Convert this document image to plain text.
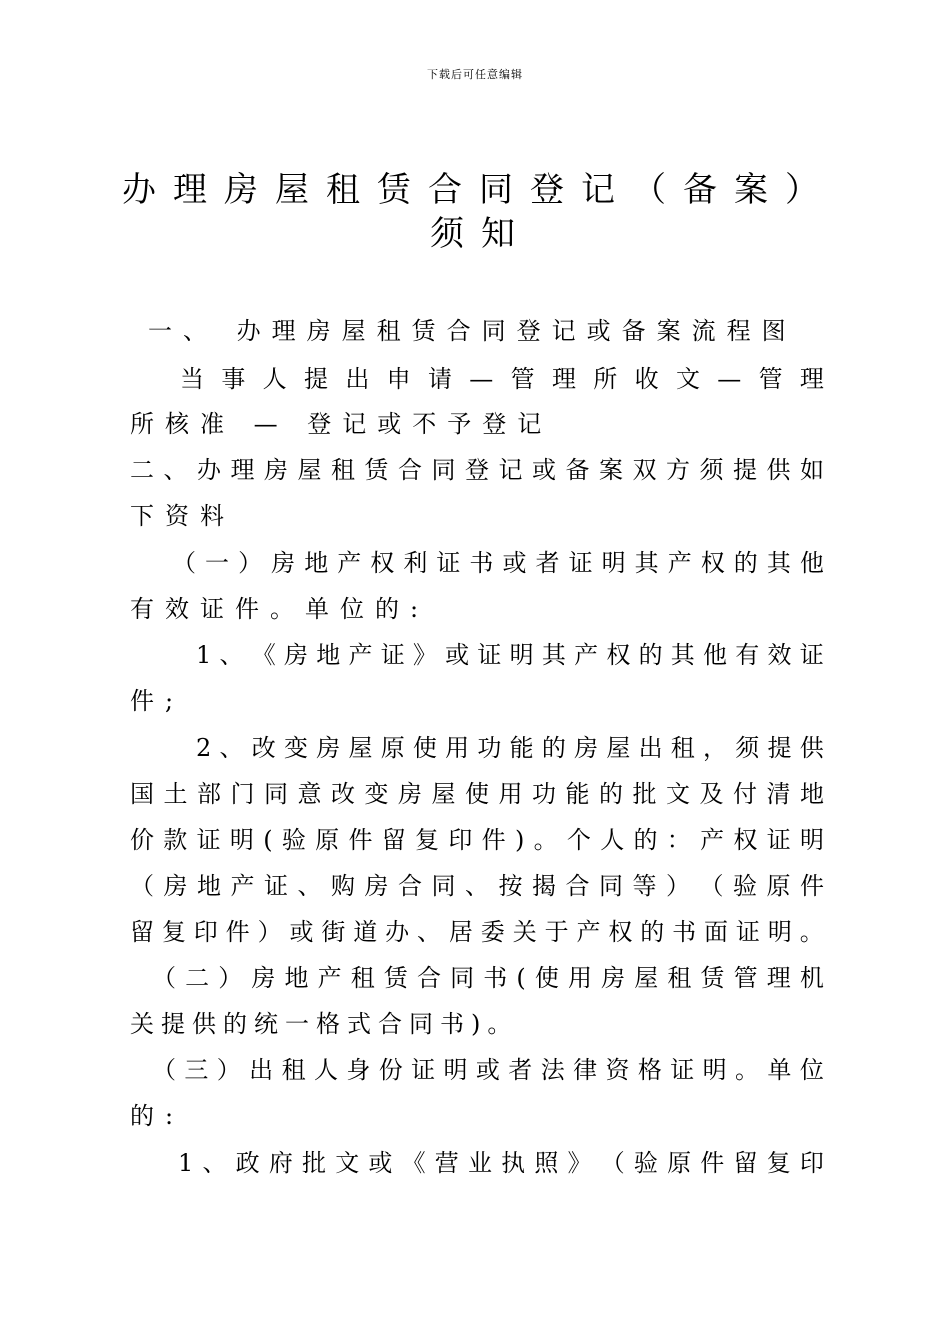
下载后可任意编辑
办理房屋租赁合同登记（备案）
须知
一、 办理房屋租赁合同登记或备案流程图
当 事 人 提 出 申 请 — 管 理 所 收 文 — 管 理
所核准 — 登记或不予登记
二 、 办 理 房 屋 租 赁 合 同 登 记 或 备 案 双 方 须 提 供 如
下资料
（ 一 ） 房 地 产 权 利 证 书 或 者 证 明 其 产 权 的 其 他
有效证件。单位的:
1 、 《 房 地 产 证 》 或 证 明 其 产 权 的 其 他 有 效 证
件;
2 、 改 变 房 屋 原 使 用 功 能 的 房 屋 出 租 ， 须 提 供
国 土 部 门 同 意 改 变 房 屋 使 用 功 能 的 批 文 及 付 清 地
价 款 证 明 ( 验 原 件 留 复 印 件 ) 。 个 人 的 ： 产 权 证 明
（ 房 地 产 证 、 购 房 合 同 、 按 揭 合 同 等 ） （ 验 原 件
留 复 印 件 ） 或 街 道 办 、 居 委 关 于 产 权 的 书 面 证 明 。
（ 二 ） 房 地 产 租 赁 合 同 书 ( 使 用 房 屋 租 赁 管 理 机
关提供的统一格式合同书)。
（ 三 ） 出 租 人 身 份 证 明 或 者 法 律 资 格 证 明 。 单 位
的:
1 、 政 府 批 文 或 《 营 业 执 照 》 （ 验 原 件 留 复 印
